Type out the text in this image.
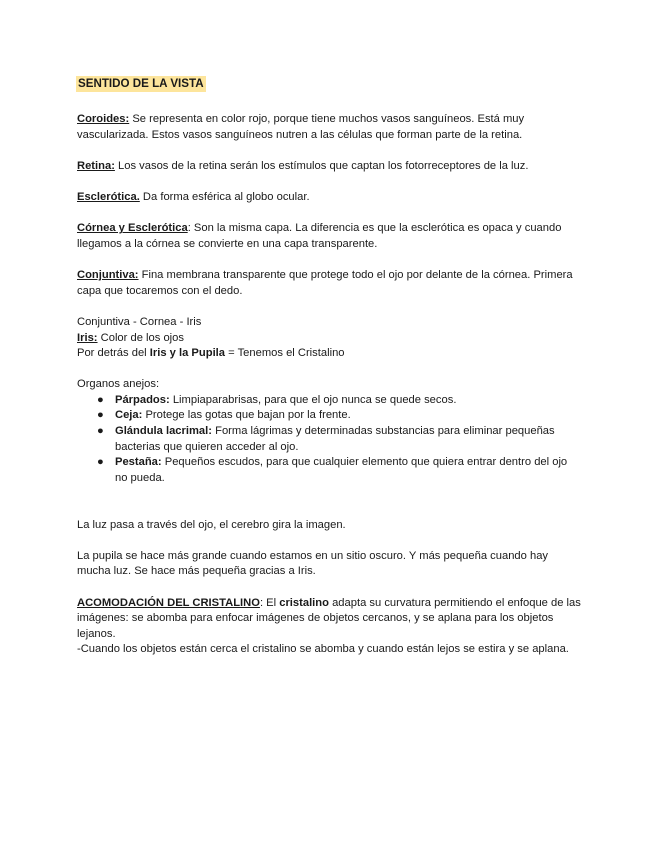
SENTIDO DE LA VISTA

Coroides: Se representa en color rojo, porque tiene muchos vasos sanguíneos. Está muy vascularizada. Estos vasos sanguíneos nutren a las células que forman parte de la retina.

Retina: Los vasos de la retina serán los estímulos que captan los fotorreceptores de la luz.

Esclerótica. Da forma esférica al globo ocular.

Córnea y Esclerótica: Son la misma capa. La diferencia es que la esclerótica es opaca y cuando llegamos a la córnea se convierte en una capa transparente.

Conjuntiva: Fina membrana transparente que protege todo el ojo por delante de la córnea. Primera capa que tocaremos con el dedo.

Conjuntiva - Cornea - Iris

Iris: Color de los ojos

Por detrás del Iris y la Pupila = Tenemos el Cristalino

Organos anejos:

● Párpados: Limpiaparabrisas, para que el ojo nunca se quede secos.
● Ceja: Protege las gotas que bajan por la frente.
● Glándula lacrimal: Forma lágrimas y determinadas substancias para eliminar pequeñas bacterias que quieren acceder al ojo.
● Pestaña: Pequeños escudos, para que cualquier elemento que quiera entrar dentro del ojo no pueda.

La luz pasa a través del ojo, el cerebro gira la imagen.

La pupila se hace más grande cuando estamos en un sitio oscuro. Y más pequeña cuando hay mucha luz. Se hace más pequeña gracias a Iris.

ACOMODACIÓN DEL CRISTALINO: El cristalino adapta su curvatura permitiendo el enfoque de las imágenes: se abomba para enfocar imágenes de objetos cercanos, y se aplana para los objetos lejanos.

-Cuando los objetos están cerca el cristalino se abomba y cuando están lejos se estira y se aplana.
